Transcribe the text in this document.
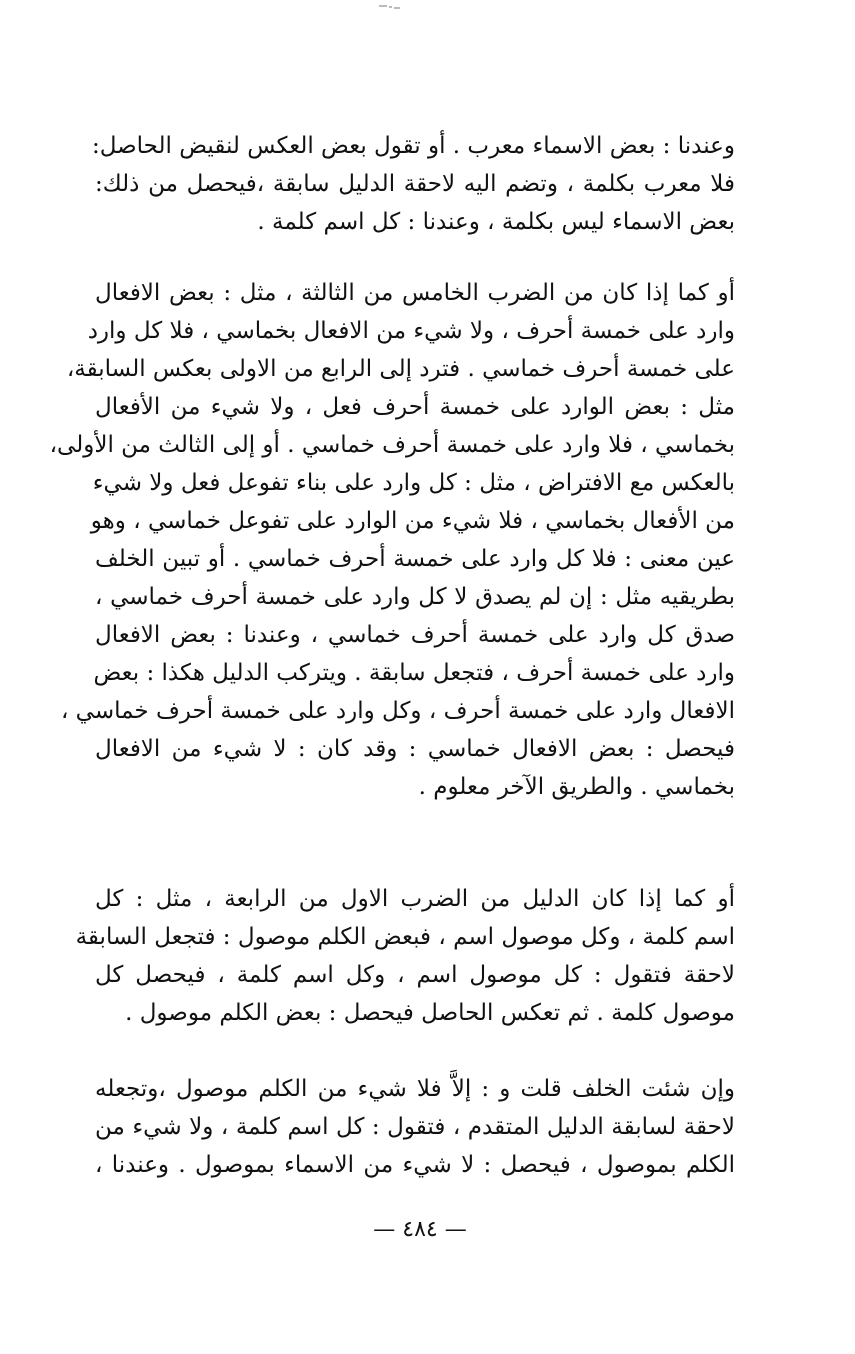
وعندنا : بعض الاسماء معرب . أو تقول بعض العكس لنقيض الحاصل:
فلا معرب بكلمة ، وتضم اليه لاحقة الدليل سابقة ،فيحصل من ذلك:
بعض الاسماء ليس بكلمة ، وعندنا : كل اسم كلمة .
أو كما إذا كان من الضرب الخامس من الثالثة ، مثل : بعض الافعال
وارد على خمسة أحرف ، ولا شيء من الافعال بخماسي ، فلا كل وارد
على خمسة أحرف خماسي . فترد إلى الرابع من الاولى بعكس السابقة،
مثل : بعض الوارد على خمسة أحرف فعل ، ولا شيء من الأفعال
بخماسي ، فلا وارد على خمسة أحرف خماسي . أو إلى الثالث من الأولى،
بالعكس مع الافتراض ، مثل : كل وارد على بناء تفوعل فعل ولا شيء
من الأفعال بخماسي ، فلا شيء من الوارد على تفوعل خماسي ، وهو
عين معنى : فلا كل وارد على خمسة أحرف خماسي . أو تبين الخلف
بطريقيه مثل : إن لم يصدق لا كل وارد على خمسة أحرف خماسي ،
صدق كل وارد على خمسة أحرف خماسي ، وعندنا : بعض الافعال
وارد على خمسة أحرف ، فتجعل سابقة . ويتركب الدليل هكذا : بعض
الافعال وارد على خمسة أحرف ، وكل وارد على خمسة أحرف خماسي ،
فيحصل : بعض الافعال خماسي : وقد كان : لا شيء من الافعال
بخماسي . والطريق الآخر معلوم .
أو كما إذا كان الدليل من الضرب الاول من الرابعة ، مثل : كل
اسم كلمة ، وكل موصول اسم ، فبعض الكلم موصول : فتجعل السابقة
لاحقة فتقول : كل موصول اسم ، وكل اسم كلمة ، فيحصل كل
موصول كلمة . ثم تعكس الحاصل فيحصل : بعض الكلم موصول .
وإن شئت الخلف قلت و : إلاَّ فلا شيء من الكلم موصول ،وتجعله
لاحقة لسابقة الدليل المتقدم ، فتقول : كل اسم كلمة ، ولا شيء من
الكلم بموصول ، فيحصل : لا شيء من الاسماء بموصول . وعندنا ،
— ٤٨٤ —
